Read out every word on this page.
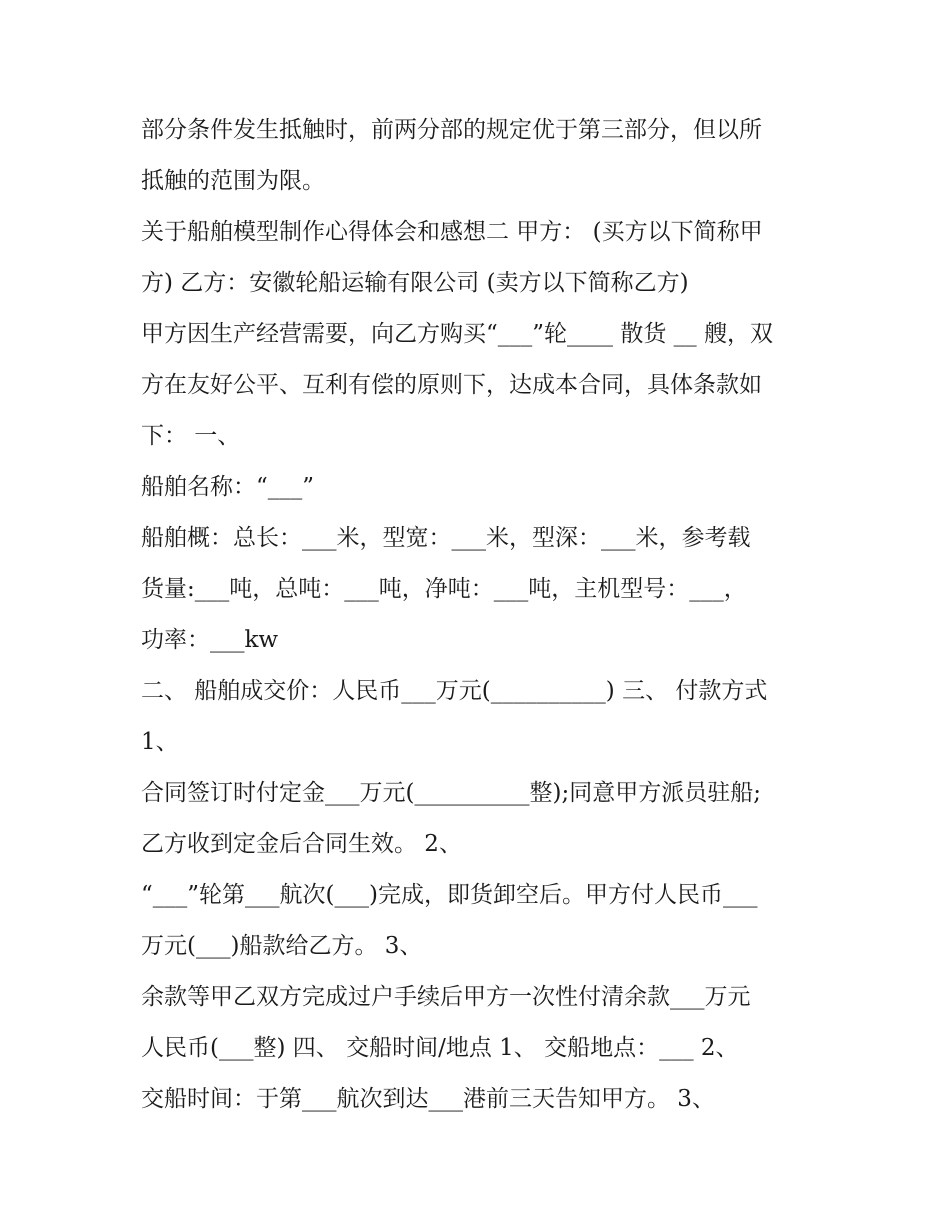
部分条件发生抵触时，前两分部的规定优于第三部分，但以所
抵触的范围为限。
关于船舶模型制作心得体会和感想二 甲方： (买方以下简称甲
方) 乙方：安徽轮船运输有限公司 (卖方以下简称乙方)
甲方因生产经营需要，向乙方购买“___”轮____ 散货 __ 艘，双
方在友好公平、互利有偿的原则下，达成本合同，具体条款如
下： 一、
船舶名称：“___”
船舶概：总长：___米，型宽：___米，型深：___米，参考载
货量:___吨，总吨：___吨，净吨：___吨，主机型号：___，
功率：___kw
二、 船舶成交价：人民币___万元(__________) 三、 付款方式
1、
合同签订时付定金___万元(__________整);同意甲方派员驻船;
乙方收到定金后合同生效。 2、
“___”轮第___航次(___)完成，即货卸空后。甲方付人民币___
万元(___)船款给乙方。 3、
余款等甲乙双方完成过户手续后甲方一次性付清余款___万元
人民币(___整) 四、 交船时间/地点 1、 交船地点：___ 2、
交船时间：于第___航次到达___港前三天告知甲方。 3、
